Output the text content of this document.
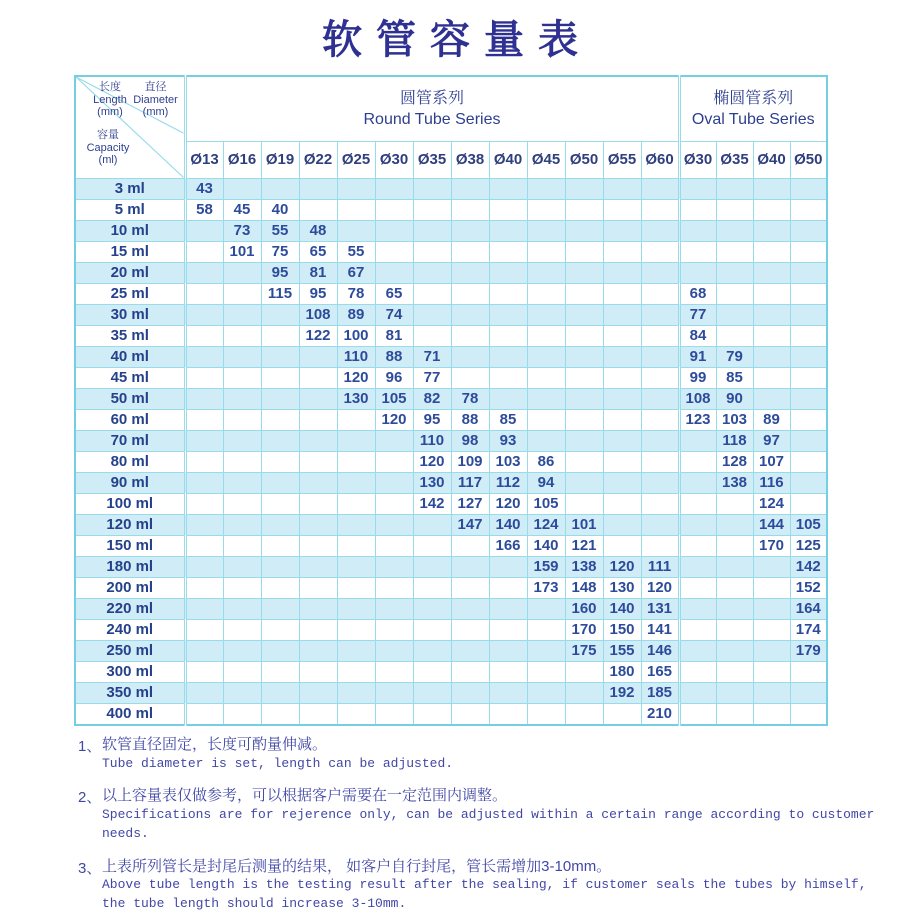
软管容量表
长度
Length
(mm)
直径
Diameter
(mm)
容量
Capacity
(ml)

圆管系列
Round Tube Series

椭圆管系列
Oval Tube Series

	Ø13	Ø16	Ø19	Ø22	Ø25	Ø30	Ø35	Ø38	Ø40	Ø45	Ø50	Ø55	Ø60	Ø30	Ø35	Ø40	Ø50
3 ml	43																
5 ml	58	45	40														
10 ml		73	55	48													
15 ml		101	75	65	55												
20 ml			95	81	67												
25 ml			115	95	78	65								68			
30 ml				108	89	74								77			
35 ml				122	100	81								84			
40 ml					110	88	71							91	79		
45 ml					120	96	77							99	85		
50 ml					130	105	82	78						108	90		
60 ml						120	95	88	85					123	103	89	
70 ml							110	98	93						118	97	
80 ml							120	109	103	86					128	107	
90 ml							130	117	112	94					138	116	
100 ml							142	127	120	105						124	
120 ml								147	140	124	101					144	105
150 ml									166	140	121					170	125
180 ml										159	138	120	111				142
200 ml										173	148	130	120				152
220 ml											160	140	131				164
240 ml											170	150	141				174
250 ml											175	155	146				179
300 ml												180	165				
350 ml												192	185				
400 ml													210				
1、 软管直径固定，长度可酌量伸减。
Tube diameter is set, length can be adjusted.
2、 以上容量表仅做参考，可以根据客户需要在一定范围内调整。
Specifications are for rejerence only, can be adjusted within a certain range according to customer
needs.
3、 上表所列管长是封尾后测量的结果， 如客户自行封尾，管长需增加3-10mm。
Above tube length is the testing result after the sealing, if customer seals the tubes by himself,
the tube length should increase 3-10mm.
